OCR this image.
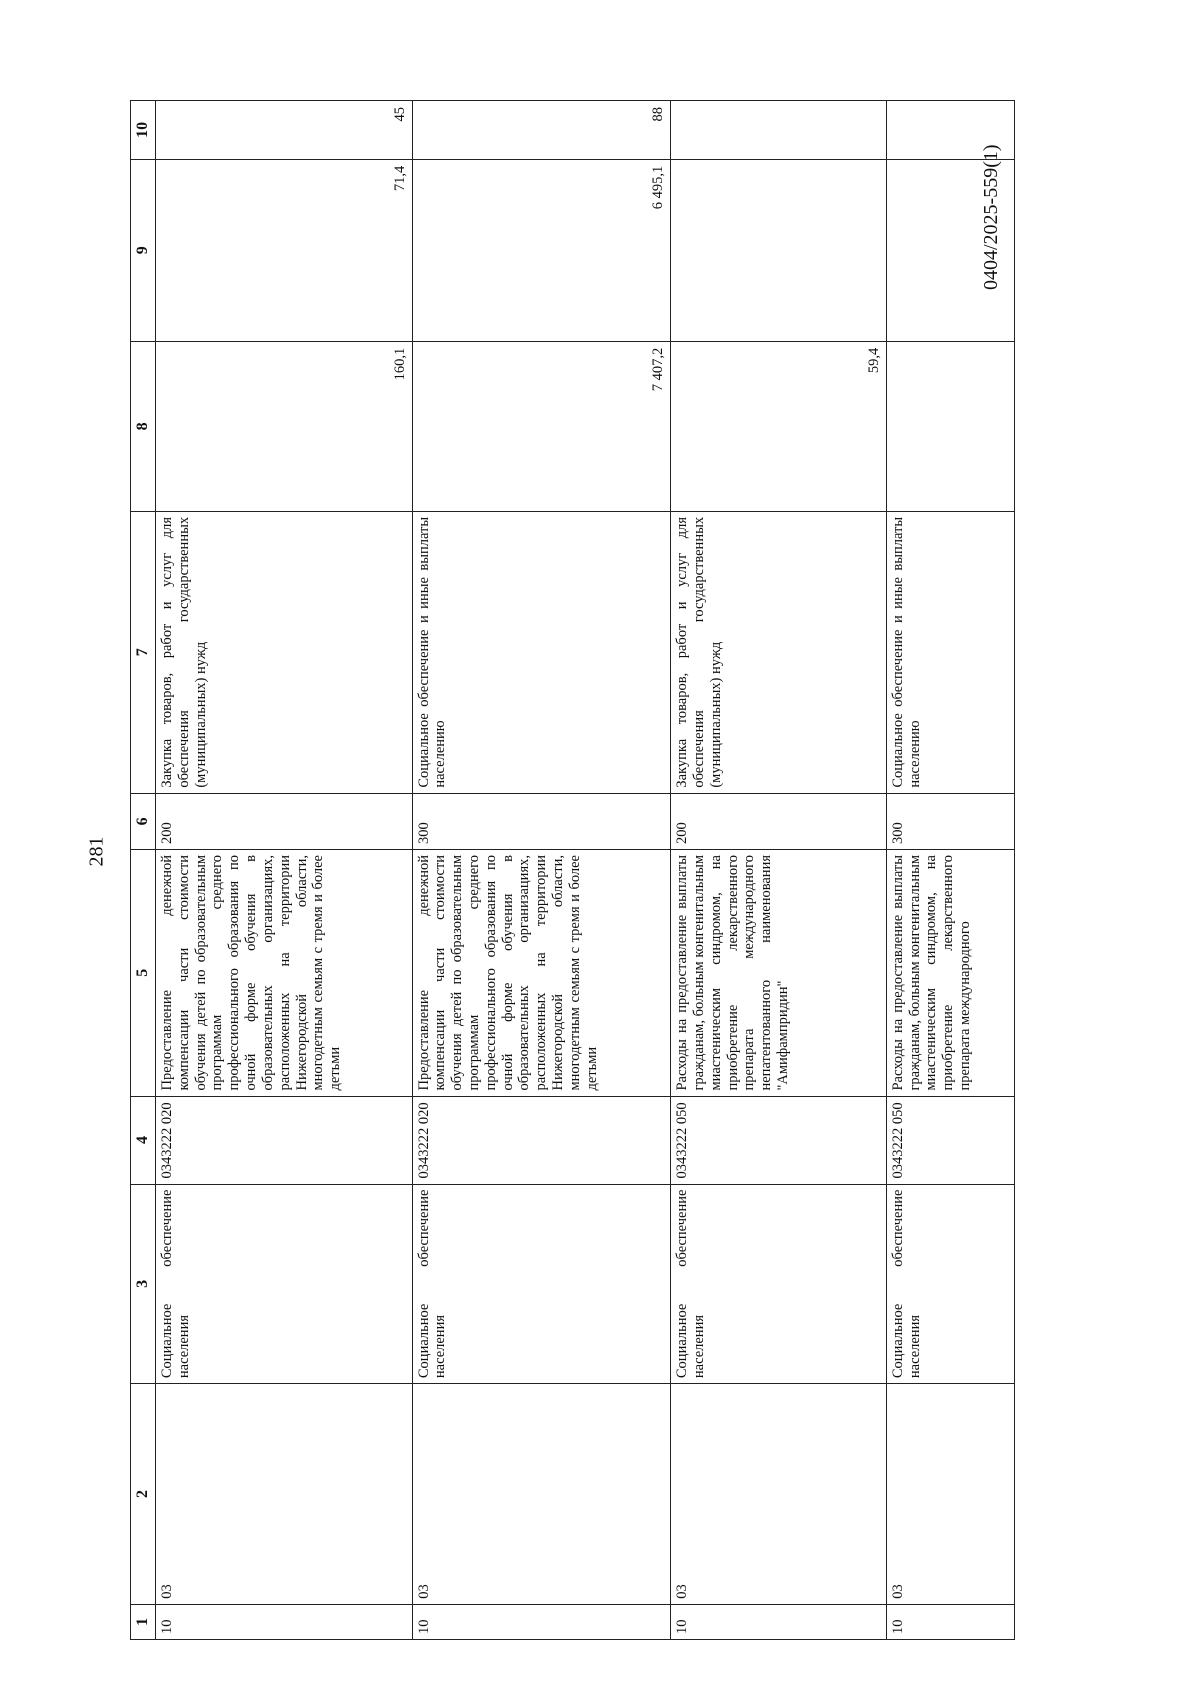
281
0404/2025-559(1)
1	2	3	4	5	6	7	8	9	10
10	03	Социальное обеспечение населения	0343222 020	Предоставление денежной компенсации части стоимости обучения детей по образовательным программам среднего профессионального образования по очной форме обучения в образовательных организациях, расположенных на территории Нижегородской области, многодетным семьям с тремя и более детьми	200	Закупка товаров, работ и услуг для обеспечения государственных (муниципальных) нужд	160,1	71,4	45
10	03	Социальное обеспечение населения	0343222 020	Предоставление денежной компенсации части стоимости обучения детей по образовательным программам среднего профессионального образования по очной форме обучения в образовательных организациях, расположенных на территории Нижегородской области, многодетным семьям с тремя и более детьми	300	Социальное обеспечение и иные выплаты населению	7 407,2	6 495,1	88
10	03	Социальное обеспечение населения	0343222 050	Расходы на предоставление выплаты гражданам, больным конгенитальным миастеническим синдромом, на приобретение лекарственного препарата международного непатентованного наименования "Амифампридин"	200	Закупка товаров, работ и услуг для обеспечения государственных (муниципальных) нужд	59,4		
10	03	Социальное обеспечение населения	0343222 050	Расходы на предоставление выплаты гражданам, больным конгенитальным миастеническим синдромом, на приобретение лекарственного препарата международного	300	Социальное обеспечение и иные выплаты населению			
